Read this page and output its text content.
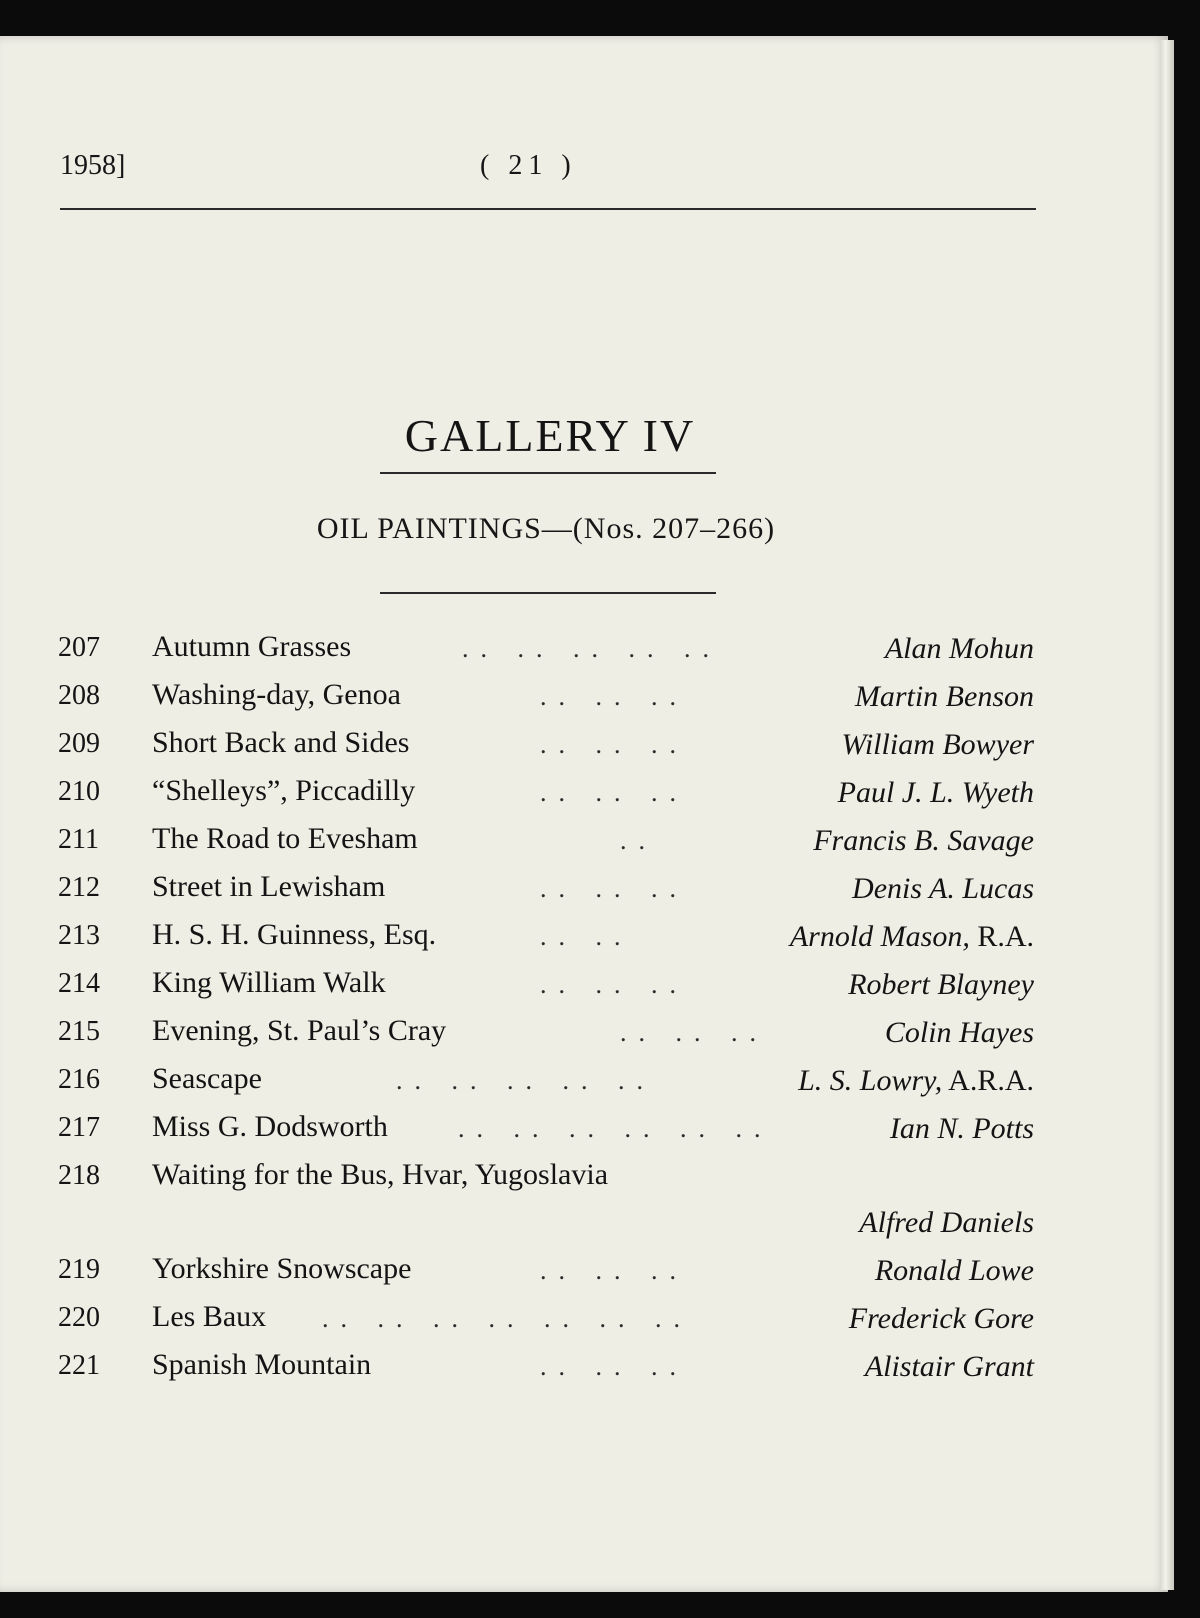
1958]	( 21 )
GALLERY IV
OIL PAINTINGS—(Nos. 207–266)
207 Autumn Grasses	.. .. .. .. ..	Alan Mohun
208 Washing-day, Genoa	.. .. ..	Martin Benson
209 Short Back and Sides	.. .. ..	William Bowyer
210 “Shelleys”, Piccadilly	.. .. ..	Paul J. L. Wyeth
211 The Road to Evesham	..	Francis B. Savage
212 Street in Lewisham	.. .. ..	Denis A. Lucas
213 H. S. H. Guinness, Esq.	.. ..	Arnold Mason, R.A.
214 King William Walk	.. .. ..	Robert Blayney
215 Evening, St. Paul’s Cray	.. .. ..	Colin Hayes
216 Seascape	.. .. .. .. ..	L. S. Lowry, A.R.A.
217 Miss G. Dodsworth	.. .. .. .. .. ..	Ian N. Potts
218 Waiting for the Bus, Hvar, Yugoslavia
Alfred Daniels
219 Yorkshire Snowscape	.. .. ..	Ronald Lowe
220 Les Baux .. .. .. .. .. .. ..	Frederick Gore
221 Spanish Mountain	.. .. ..	Alistair Grant
